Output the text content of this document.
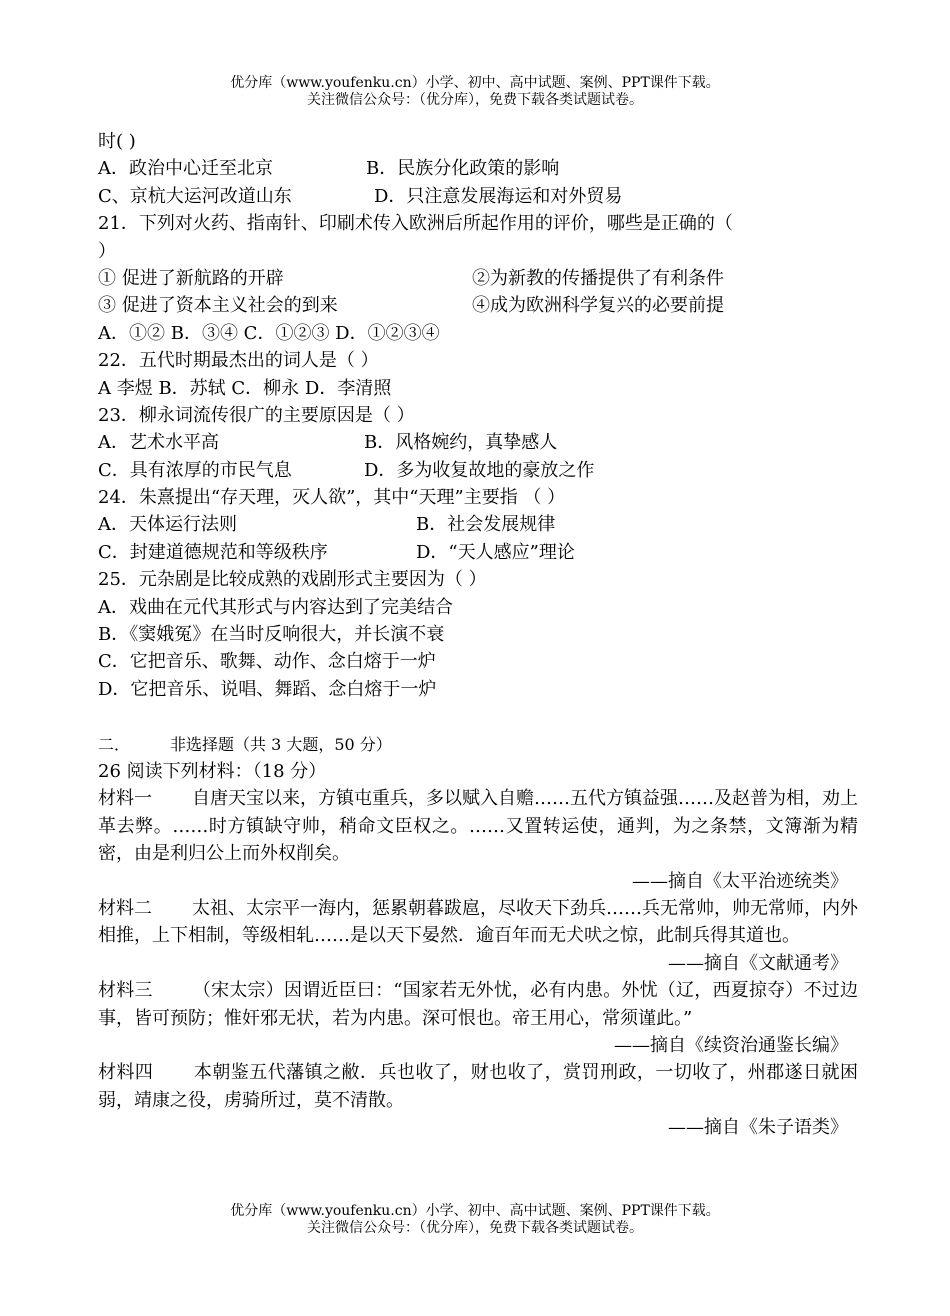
优分库（www.youfenku.cn）小学、初中、高中试题、案例、PPT课件下载。
关注微信公众号：（优分库），免费下载各类试题试卷。
时( )
A．政治中心迁至北京	B．民族分化政策的影响
C、京杭大运河改道山东	D．只注意发展海运和对外贸易
21．下列对火药、指南针、印刷术传入欧洲后所起作用的评价，哪些是正确的（
）
① 促进了新航路的开辟	②为新教的传播提供了有利条件
③ 促进了资本主义社会的到来	④成为欧洲科学复兴的必要前提
A．①② B．③④ C．①②③ D．①②③④
22．五代时期最杰出的词人是（ ）
A 李煜 B．苏轼 C．柳永 D．李清照
23．柳永词流传很广的主要原因是（ ）
A．艺术水平高	B．风格婉约，真挚感人
C．具有浓厚的市民气息	D．多为收复故地的豪放之作
24．朱熹提出“存天理，灭人欲”，其中“天理”主要指 （ ）
A．天体运行法则	B．社会发展规律
C．封建道德规范和等级秩序	D．“天人感应”理论
25．元杂剧是比较成熟的戏剧形式主要因为（ ）
A．戏曲在元代其形式与内容达到了完美结合
B．《窦娥冤》在当时反响很大，并长演不衰
C．它把音乐、歌舞、动作、念白熔于一炉
D．它把音乐、说唱、舞蹈、念白熔于一炉
二．	非选择题（共 3 大题，50 分）
26 阅读下列材料：（18 分）
材料一 自唐天宝以来，方镇屯重兵，多以赋入自赡……五代方镇益强……及赵普为相，劝上革去弊。……时方镇缺守帅，稍命文臣权之。……又置转运使，通判，为之条禁，文簿渐为精密，由是利归公上而外权削矣。
——摘自《太平治迹统类》
材料二 太祖、太宗平一海内，惩累朝暮跋扈，尽收天下劲兵……兵无常帅，帅无常师，内外相推，上下相制，等级相轧……是以天下晏然．逾百年而无犬吠之惊，此制兵得其道也。
——摘自《文献通考》
材料三 （宋太宗）因谓近臣曰：“国家若无外忧，必有内患。外忧（辽，西夏掠夺）不过边事，皆可预防；惟奸邪无状，若为内患。深可恨也。帝王用心，常须谨此。”
——摘自《续资治通鉴长编》
材料四 本朝鉴五代藩镇之敝．兵也收了，财也收了，赏罚刑政，一切收了，州郡遂日就困弱，靖康之役，虏骑所过，莫不清散。
——摘自《朱子语类》
优分库（www.youfenku.cn）小学、初中、高中试题、案例、PPT课件下载。
关注微信公众号：（优分库），免费下载各类试题试卷。
